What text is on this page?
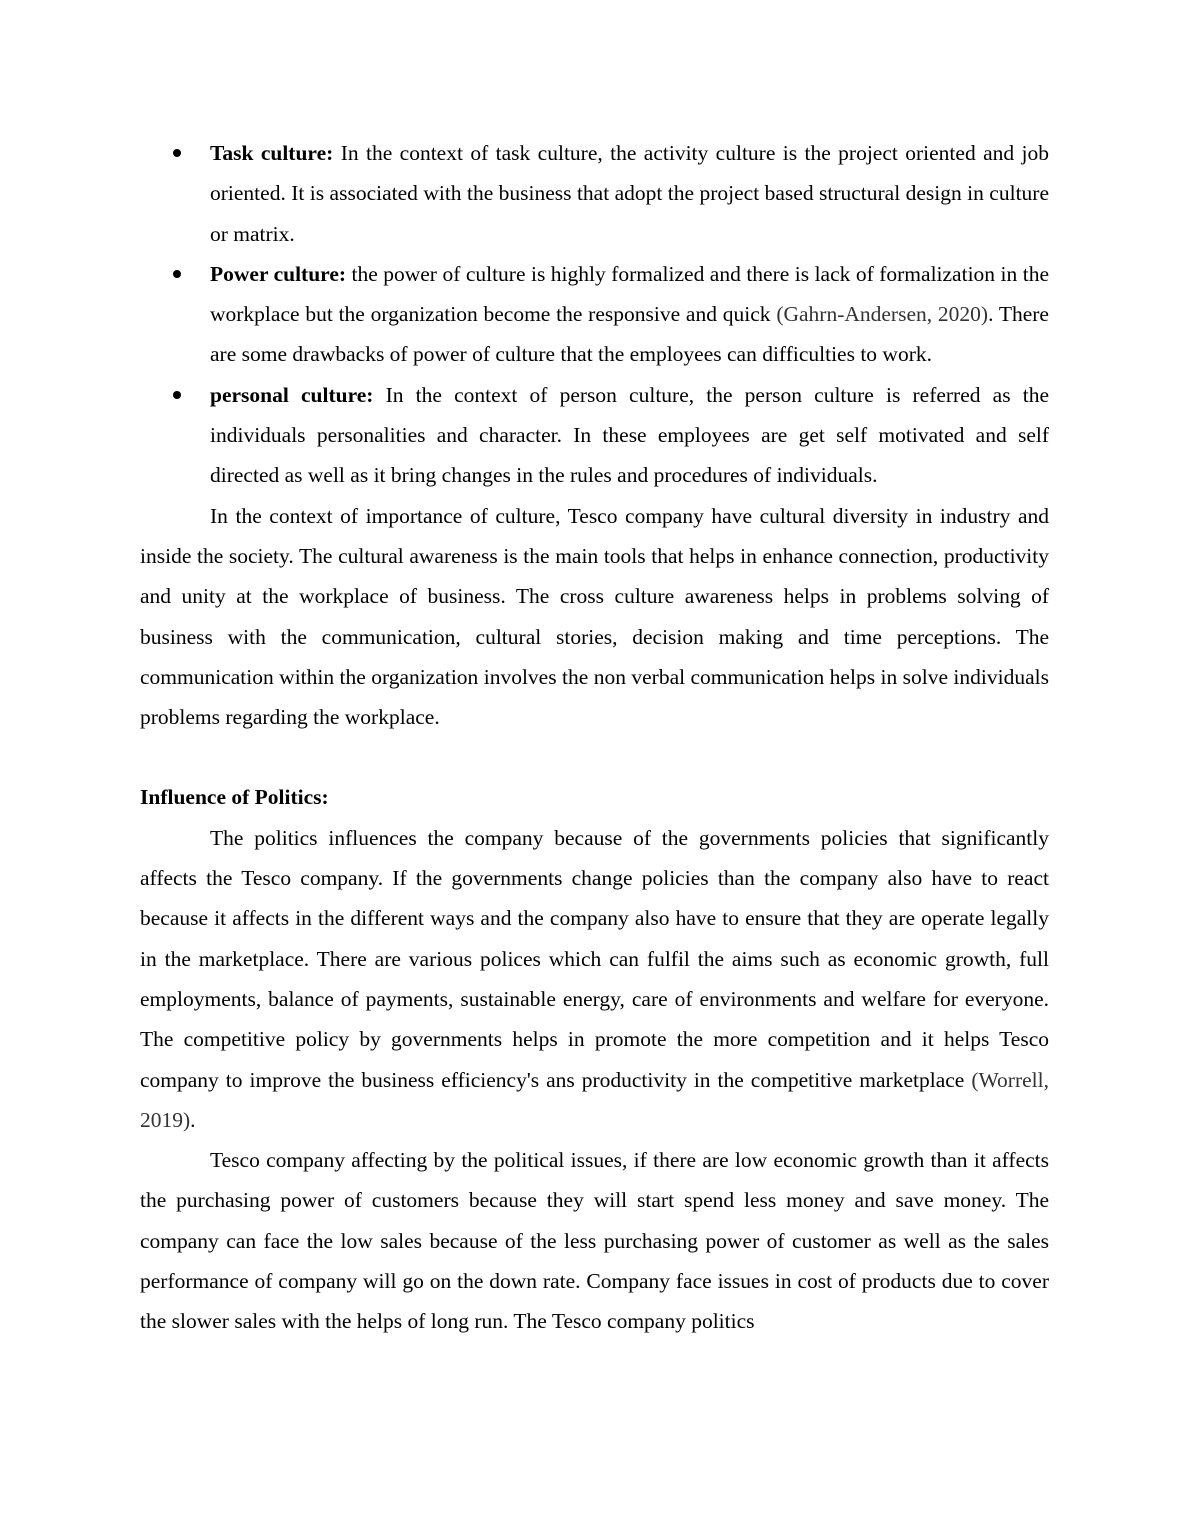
Task culture: In the context of task culture, the activity culture is the project oriented and job oriented. It is associated with the business that adopt the project based structural design in culture or matrix.
Power culture: the power of culture is highly formalized and there is lack of formalization in the workplace but the organization become the responsive and quick (Gahrn-Andersen, 2020). There are some drawbacks of power of culture that the employees can difficulties to work.
personal culture: In the context of person culture, the person culture is referred as the individuals personalities and character. In these employees are get self motivated and self directed as well as it bring changes in the rules and procedures of individuals.

In the context of importance of culture, Tesco company have cultural diversity in industry and inside the society. The cultural awareness is the main tools that helps in enhance connection, productivity and unity at the workplace of business. The cross culture awareness helps in problems solving of business with the communication, cultural stories, decision making and time perceptions. The communication within the organization involves the non verbal communication helps in solve individuals problems regarding the workplace.

Influence of Politics:

The politics influences the company because of the governments policies that significantly affects the Tesco company. If the governments change policies than the company also have to react because it affects in the different ways and the company also have to ensure that they are operate legally in the marketplace. There are various polices which can fulfil the aims such as economic growth, full employments, balance of payments, sustainable energy, care of environments and welfare for everyone. The competitive policy by governments helps in promote the more competition and it helps Tesco company to improve the business efficiency's ans productivity in the competitive marketplace (Worrell, 2019).

Tesco company affecting by the political issues, if there are low economic growth than it affects the purchasing power of customers because they will start spend less money and save money. The company can face the low sales because of the less purchasing power of customer as well as the sales performance of company will go on the down rate. Company face issues in cost of products due to cover the slower sales with the helps of long run. The Tesco company politics
